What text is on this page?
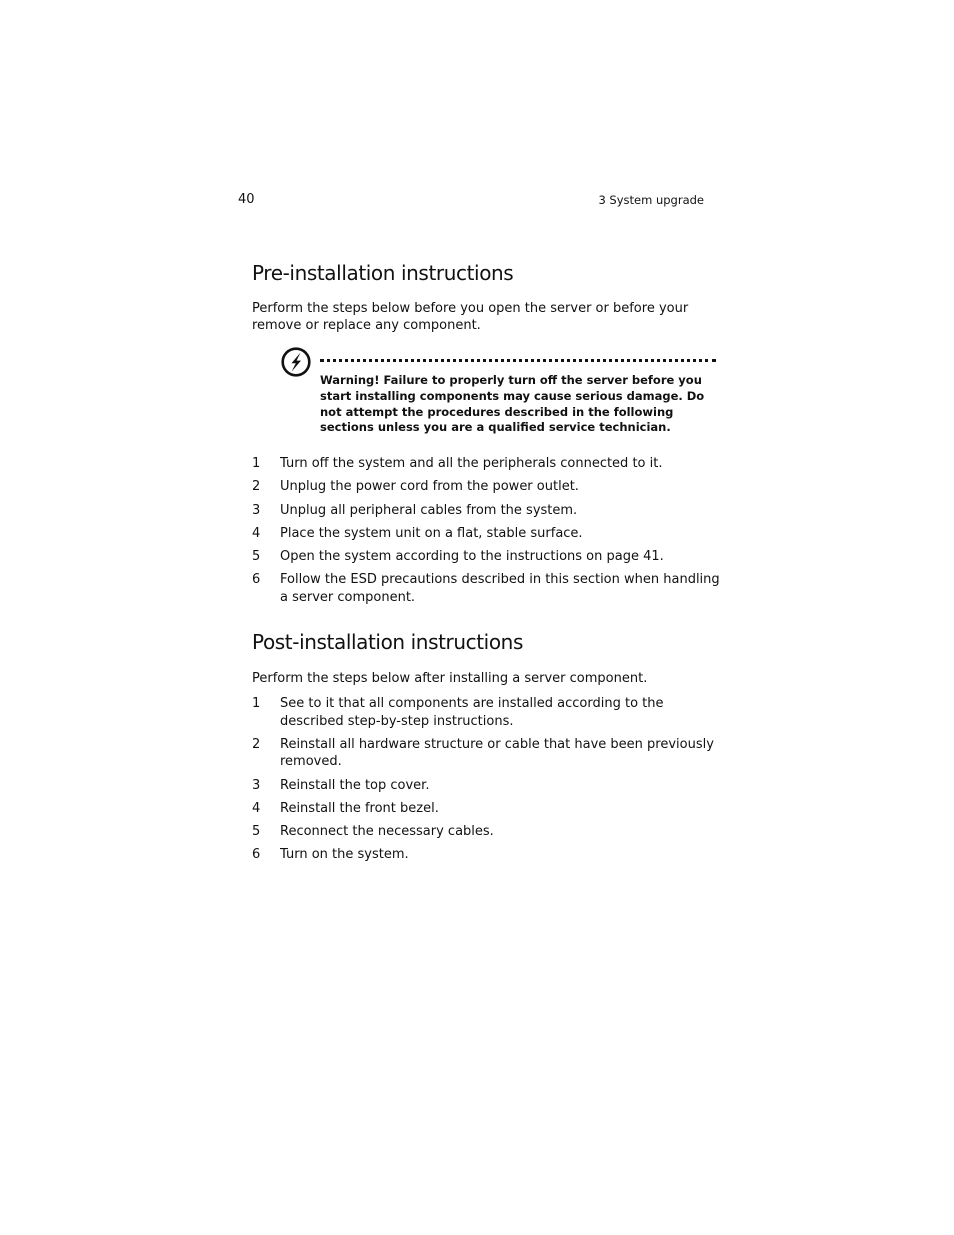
40	3 System upgrade
Pre-installation instructions

Perform the steps below before you open the server or before your remove or replace any component.

Warning! Failure to properly turn off the server before you start installing components may cause serious damage. Do not attempt the procedures described in the following sections unless you are a qualified service technician.

1	Turn off the system and all the peripherals connected to it.
2	Unplug the power cord from the power outlet.
3	Unplug all peripheral cables from the system.
4	Place the system unit on a flat, stable surface.
5	Open the system according to the instructions on page 41.
6	Follow the ESD precautions described in this section when handling a server component.
Post-installation instructions

Perform the steps below after installing a server component.

1	See to it that all components are installed according to the described step-by-step instructions.
2	Reinstall all hardware structure or cable that have been previously removed.
3	Reinstall the top cover.
4	Reinstall the front bezel.
5	Reconnect the necessary cables.
6	Turn on the system.
